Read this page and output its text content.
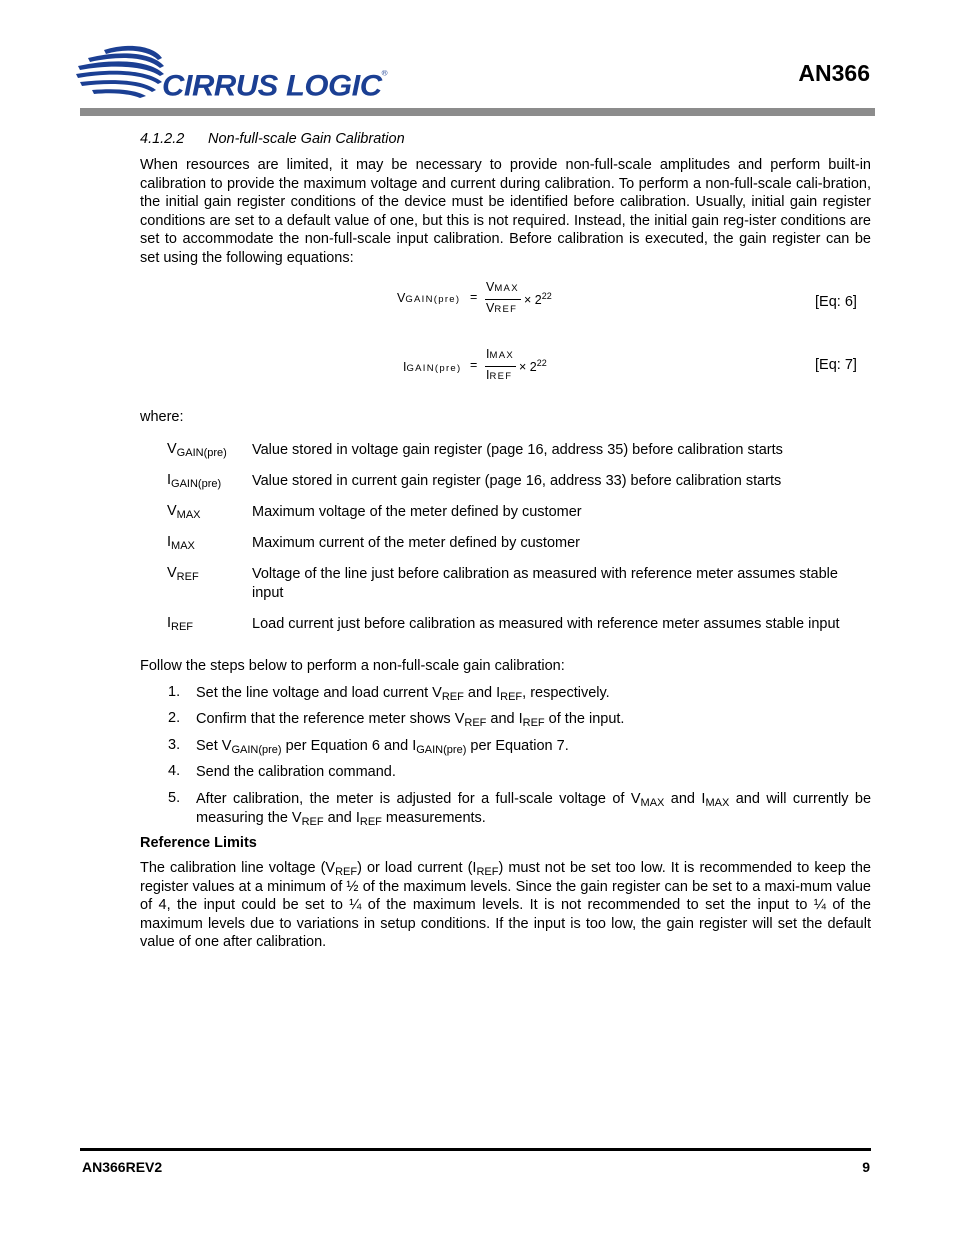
CIRRUS LOGIC®	AN366
4.1.2.2 Non-full-scale Gain Calibration

When resources are limited, it may be necessary to provide non-full-scale amplitudes and perform built-in calibration to provide the maximum voltage and current during calibration. To perform a non-full-scale cali-bration, the initial gain register conditions of the device must be identified before calibration. Usually, initial gain register conditions are set to a default value of one, but this is not required. Instead, the initial gain reg-ister conditions are set to accommodate the non-full-scale input calibration. Before calibration is executed, the gain register can be set using the following equations:

VGAIN(pre) =
VMAX
VREF
× $2^{22}$	[Eq: 6]
IGAIN(pre) =
IMAX
IREF
× $2^{22}$	[Eq: 7]
where:
$V_{GAIN(pre)}$ Value stored in voltage gain register (page 16, address 35) before calibration starts
$I_{GAIN(pre)}$ Value stored in current gain register (page 16, address 33) before calibration starts
$V_{MAX}$	Maximum voltage of the meter defined by customer
$I_{MAX}$	Maximum current of the meter defined by customer
$V_{REF}$	Voltage of the line just before calibration as measured with reference meter assumes stable input
$I_{REF}$	Load current just before calibration as measured with reference meter assumes stable input

Follow the steps below to perform a non-full-scale gain calibration:

1. Set the line voltage and load current $V_{REF}$ and $I_{REF}$, respectively.
2. Confirm that the reference meter shows $V_{REF}$ and $I_{REF}$ of the input.
3. Set $V_{GAIN(pre)}$ per Equation 6 and $I_{GAIN(pre)}$ per Equation 7.
4. Send the calibration command.
5. After calibration, the meter is adjusted for a full-scale voltage of $V_{MAX}$ and $I_{MAX}$ and will currently be measuring the $V_{REF}$ and $I_{REF}$ measurements.
Reference Limits

The calibration line voltage $(V_{REF})$ or load current $(I_{REF})$ must not be set too low. It is recommended to keep the register values at a minimum of ½ of the maximum levels. Since the gain register can be set to a maxi-mum value of 4, the input could be set to ¼ of the maximum levels. It is not recommended to set the input to ¼ of the maximum levels due to variations in setup conditions. If the input is too low, the gain register will set the default value of one after calibration.

AN366REV2	9
